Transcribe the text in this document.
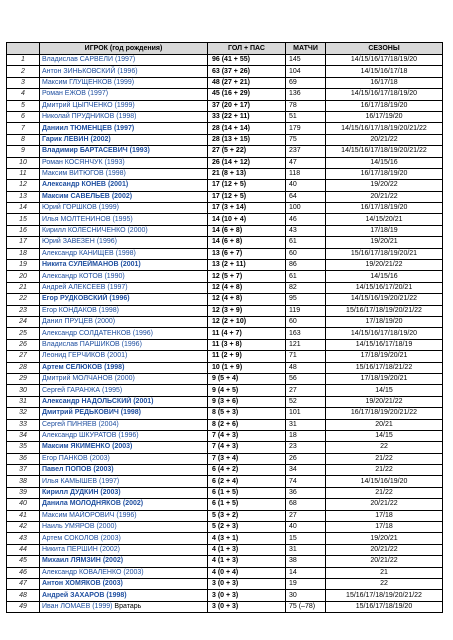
	ИГРОК (год рождения)	ГОЛ + ПАС	МАТЧИ	СЕЗОНЫ
1	Владислав САРВЕЛИ (1997)	96 (41 + 55)	145	14/15/16/17/18/19/20
2	Антон ЗИНЬКОВСКИЙ (1996)	63 (37 + 26)	104	14/15/16/17/18
3	Максим ГЛУЩЕНКОВ (1999)	48 (27 + 21)	69	16/17/18
4	Роман ЕЖОВ (1997)	45 (16 + 29)	136	14/15/16/17/18/19/20
5	Дмитрий ЦЫПЧЕНКО (1999)	37 (20 + 17)	78	16/17/18/19/20
6	Николай ПРУДНИКОВ (1998)	33 (22 + 11)	51	16/17/19/20
7	Даниил ТЮМЕНЦЕВ (1997)	28 (14 + 14)	179	14/15/16/17/18/19/20/21/22
8	Гарик ЛЕВИН (2002)	28 (13 + 15)	75	20/21/22
9	Владимир БАРТАСЕВИЧ (1993)	27 (5 + 22)	237	14/15/16/17/18/19/20/21/22
10	Роман КОСЯНЧУК (1993)	26 (14 + 12)	47	14/15/16
11	Максим ВИТЮГОВ (1998)	21 (8 + 13)	118	16/17/18/19/20
12	Александр КОНЕВ (2001)	17 (12 + 5)	40	19/20/22
13	Максим САВЕЛЬЕВ (2002)	17 (12 + 5)	64	20/21/22
14	Юрий ГОРШКОВ (1999)	17 (3 + 14)	100	16/17/18/19/20
15	Илья МОЛТЕНИНОВ (1995)	14 (10 + 4)	46	14/15/20/21
16	Кирилл КОЛЕСНИЧЕНКО (2000)	14 (6 + 8)	43	17/18/19
17	Юрий ЗАВЕЗЕН (1996)	14 (6 + 8)	61	19/20/21
18	Александр КАНИЩЕВ (1998)	13 (6 + 7)	60	15/16/17/18/19/20/21
19	Никита СУЛЕЙМАНОВ (2001)	13 (2 + 11)	86	19/20/21/22
20	Александр КОТОВ (1990)	12 (5 + 7)	61	14/15/16
21	Андрей АЛЕКСЕЕВ (1997)	12 (4 + 8)	82	14/15/16/17/20/21
22	Егор РУДКОВСКИЙ (1996)	12 (4 + 8)	95	14/15/16/19/20/21/22
23	Егор КОНДАКОВ (1998)	12 (3 + 9)	119	15/16/17/18/19/20/21/22
24	Данил ПРУЦЕВ (2000)	12 (2 + 10)	60	17/18/19/20
25	Александр СОЛДАТЕНКОВ (1996)	11 (4 + 7)	163	14/15/16/17/18/19/20
26	Владислав ПАРШИКОВ (1996)	11 (3 + 8)	121	14/15/16/17/18/19
27	Леонид ГЕРЧИКОВ (2001)	11 (2 + 9)	71	17/18/19/20/21
28	Артем СЕЛЮКОВ (1998)	10 (1 + 9)	48	15/16/17/18/21/22
29	Дмитрий МОЛЧАНОВ (2000)	9 (5 + 4)	56	17/18/19/20/21
30	Сергей ГАРАНЖА (1995)	9 (4 + 5)	27	14/15
31	Александр НАДОЛЬСКИЙ (2001)	9 (3 + 6)	52	19/20/21/22
32	Дмитрий РЕДЬКОВИЧ (1998)	8 (5 + 3)	101	16/17/18/19/20/21/22
33	Сергей ПИНЯЕВ (2004)	8 (2 + 6)	31	20/21
34	Александр ШКУРАТОВ (1996)	7 (4 + 3)	18	14/15
35	Максим ЯКИМЕНКО (2003)	7 (4 + 3)	23	22
36	Егор ПАНКОВ (2003)	7 (3 + 4)	26	21/22
37	Павел ПОПОВ (2003)	6 (4 + 2)	34	21/22
38	Илья КАМЫШЕВ (1997)	6 (2 + 4)	74	14/15/16/19/20
39	Кирилл ДУДКИН (2003)	6 (1 + 5)	36	21/22
40	Данила МОЛОДНЯКОВ (2002)	6 (1 + 5)	68	20/21/22
41	Максим МАЙОРОВИЧ (1996)	5 (3 + 2)	27	17/18
42	Наиль УМЯРОВ (2000)	5 (2 + 3)	40	17/18
43	Артем СОКОЛОВ (2003)	4 (3 + 1)	15	19/20/21
44	Никита ПЕРШИН (2002)	4 (1 + 3)	31	20/21/22
45	Михаил ЛЯМЗИН (2002)	4 (1 + 3)	38	20/21/22
46	Александр КОВАЛЕНКО (2003)	4 (0 + 4)	14	21
47	Антон ХОМЯКОВ (2003)	3 (0 + 3)	19	22
48	Андрей ЗАХАРОВ (1998)	3 (0 + 3)	30	15/16/17/18/19/20/21/22
49	Иван ЛОМАЕВ (1999) Вратарь	3 (0 + 3)	75 (–78)	15/16/17/18/19/20
